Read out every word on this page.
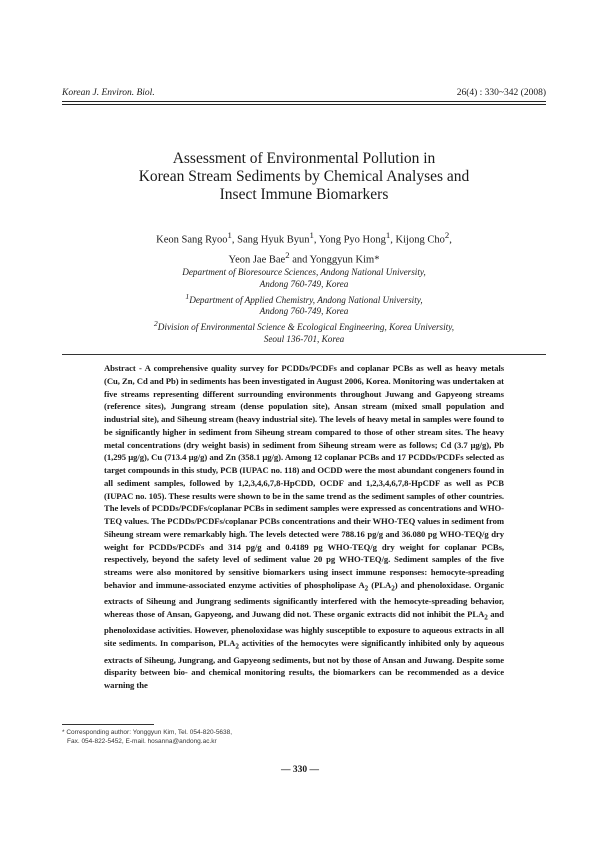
Korean J. Environ. Biol.	26(4) : 330~342 (2008)
Assessment of Environmental Pollution in
Korean Stream Sediments by Chemical Analyses and
Insect Immune Biomarkers
Keon Sang Ryoo$^1$, Sang Hyuk Byun$^1$, Yong Pyo Hong$^1$, Kijong Cho$^2$,
Yeon Jae Bae$^2$ and Yonggyun Kim*
Department of Bioresource Sciences, Andong National University,
Andong 760-749, Korea
$^1$Department of Applied Chemistry, Andong National University,
Andong 760-749, Korea
$^2$Division of Environmental Science & Ecological Engineering, Korea University,
Seoul 136-701, Korea
Abstract - A comprehensive quality survey for PCDDs/PCDFs and coplanar PCBs as well as heavy metals (Cu, Zn, Cd and Pb) in sediments has been investigated in August 2006, Korea. Monitoring was undertaken at five streams representing different surrounding environments throughout Juwang and Gapyeong streams (reference sites), Jungrang stream (dense population site), Ansan stream (mixed small population and industrial site), and Siheung stream (heavy industrial site). The levels of heavy metal in samples were found to be significantly higher in sediment from Siheung stream compared to those of other stream sites. The heavy metal concentrations (dry weight basis) in sediment from Siheung stream were as follows; Cd (3.7 µg/g), Pb (1,295 µg/g), Cu (713.4 µg/g) and Zn (358.1 µg/g). Among 12 coplanar PCBs and 17 PCDDs/PCDFs selected as target compounds in this study, PCB (IUPAC no. 118) and OCDD were the most abundant congeners found in all sediment samples, followed by 1,2,3,4,6,7,8-HpCDD, OCDF and 1,2,3,4,6,7,8-HpCDF as well as PCB (IUPAC no. 105). These results were shown to be in the same trend as the sediment samples of other countries. The levels of PCDDs/PCDFs/coplanar PCBs in sediment samples were expressed as concentrations and WHO-TEQ values. The PCDDs/PCDFs/coplanar PCBs concentrations and their WHO-TEQ values in sediment from Siheung stream were remarkably high. The levels detected were 788.16 pg/g and 36.080 pg WHO-TEQ/g dry weight for PCDDs/PCDFs and 314 pg/g and 0.4189 pg WHO-TEQ/g dry weight for coplanar PCBs, respectively, beyond the safety level of sediment value 20 pg WHO-TEQ/g. Sediment samples of the five streams were also monitored by sensitive biomarkers using insect immune responses: hemocyte-spreading behavior and immune-associated enzyme activities of phospholipase $A_2$ $(PLA_2)$ and phenoloxidase. Organic extracts of Siheung and Jungrang sediments significantly interfered with the hemocyte-spreading behavior, whereas those of Ansan, Gapyeong, and Juwang did not. These organic extracts did not inhibit the $PLA_2$ and phenoloxidase activities. However, phenoloxidase was highly susceptible to exposure to aqueous extracts in all site sediments. In comparison, $PLA_2$ activities of the hemocytes were significantly inhibited only by aqueous extracts of Siheung, Jungrang, and Gapyeong sediments, but not by those of Ansan and Juwang. Despite some disparity between bio- and chemical monitoring results, the biomarkers can be recommended as a device warning the
* Corresponding author: Yonggyun Kim, Tel. 054-820-5638,
Fax. 054-822-5452, E-mail. hosanna@andong.ac.kr
— 330 —
